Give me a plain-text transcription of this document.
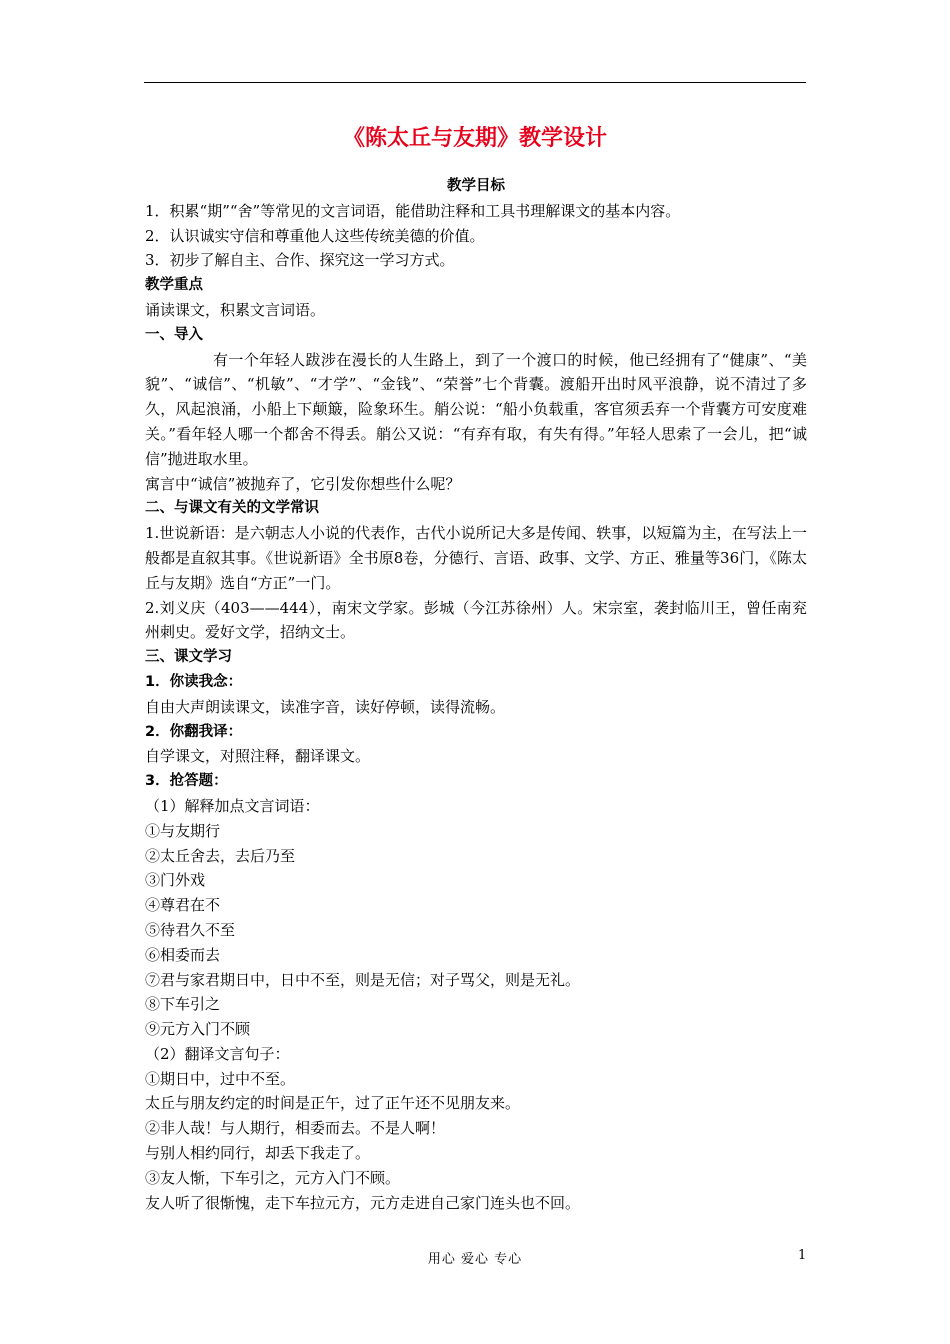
《陈太丘与友期》教学设计

教学目标

1．积累“期”“舍”等常见的文言词语，能借助注释和工具书理解课文的基本内容。

2．认识诚实守信和尊重他人这些传统美德的价值。

3．初步了解自主、合作、探究这一学习方式。

教学重点

诵读课文，积累文言词语。

一、导入

有一个年轻人跋涉在漫长的人生路上，到了一个渡口的时候，他已经拥有了“健康”、“美貌”、“诚信”、“机敏”、“才学”、“金钱”、“荣誉”七个背囊。渡船开出时风平浪静，说不清过了多久，风起浪涌，小船上下颠簸，险象环生。艄公说：“船小负载重，客官须丢弃一个背囊方可安度难关。”看年轻人哪一个都舍不得丢。艄公又说：“有弃有取，有失有得。”年轻人思索了一会儿，把“诚信”抛进取水里。

寓言中“诚信”被抛弃了，它引发你想些什么呢？

二、与课文有关的文学常识

1.世说新语：是六朝志人小说的代表作，古代小说所记大多是传闻、轶事，以短篇为主，在写法上一般都是直叙其事。《世说新语》全书原8卷，分德行、言语、政事、文学、方正、雅量等36门，《陈太丘与友期》选自“方正”一门。

2.刘义庆（403——444），南宋文学家。彭城（今江苏徐州）人。宋宗室，袭封临川王，曾任南兖州刺史。爱好文学，招纳文士。

三、课文学习

1．你读我念：

自由大声朗读课文，读准字音，读好停顿，读得流畅。

2．你翻我译：

自学课文，对照注释，翻译课文。

3．抢答题：

（1）解释加点文言词语：

①与友期行

②太丘舍去，去后乃至

③门外戏

④尊君在不

⑤待君久不至

⑥相委而去

⑦君与家君期日中，日中不至，则是无信；对子骂父，则是无礼。

⑧下车引之

⑨元方入门不顾

（2）翻译文言句子：

①期日中，过中不至。

太丘与朋友约定的时间是正午，过了正午还不见朋友来。

②非人哉！与人期行，相委而去。不是人啊！

与别人相约同行，却丢下我走了。

③友人惭，下车引之，元方入门不顾。

友人听了很惭愧，走下车拉元方，元方走进自己家门连头也不回。

用心 爱心 专心	1
